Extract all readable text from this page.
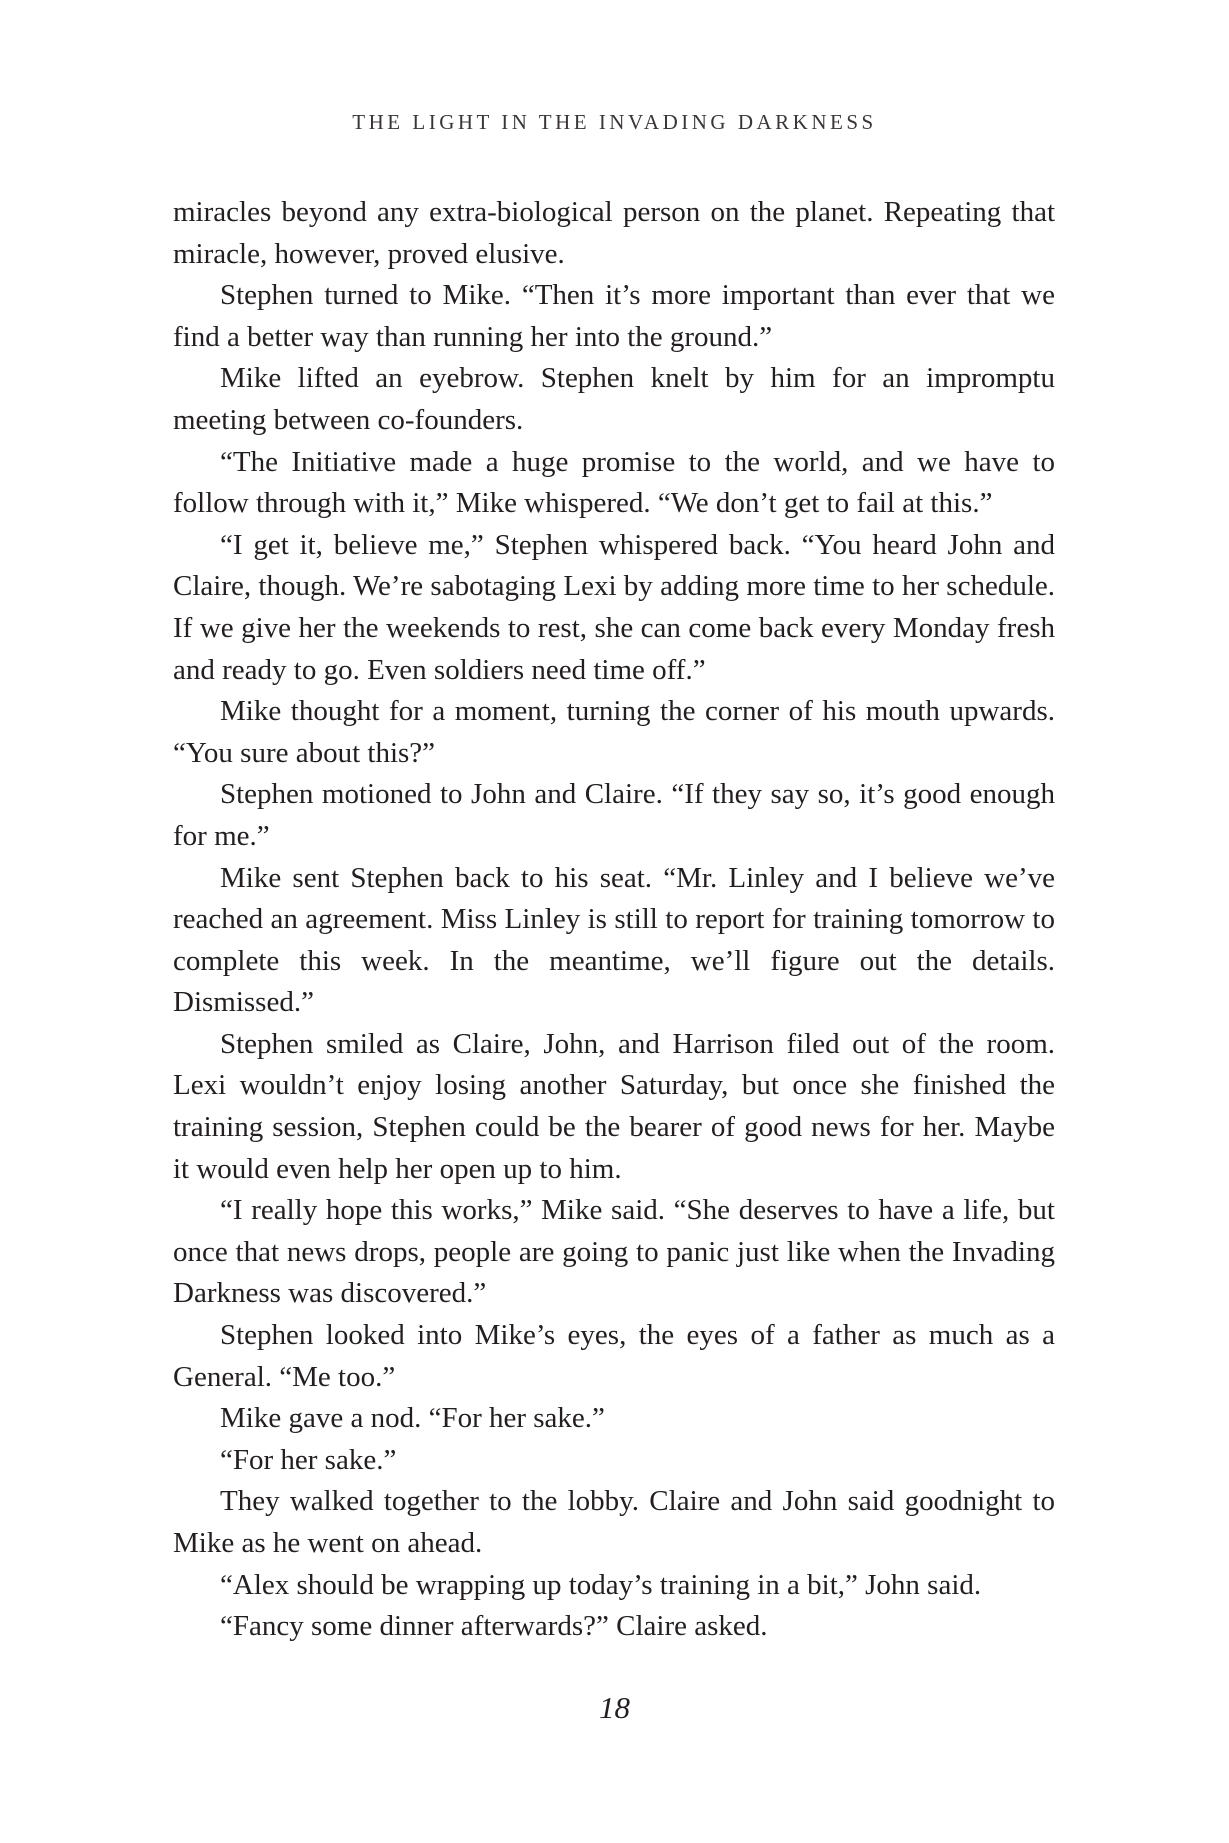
THE LIGHT IN THE INVADING DARKNESS

miracles beyond any extra-biological person on the planet. Repeating that miracle, however, proved elusive.

Stephen turned to Mike. “Then it’s more important than ever that we find a better way than running her into the ground.”

Mike lifted an eyebrow. Stephen knelt by him for an impromptu meeting between co-founders.

“The Initiative made a huge promise to the world, and we have to follow through with it,” Mike whispered. “We don’t get to fail at this.”

“I get it, believe me,” Stephen whispered back. “You heard John and Claire, though. We’re sabotaging Lexi by adding more time to her schedule. If we give her the weekends to rest, she can come back every Monday fresh and ready to go. Even soldiers need time off.”

Mike thought for a moment, turning the corner of his mouth upwards. “You sure about this?”

Stephen motioned to John and Claire. “If they say so, it’s good enough for me.”

Mike sent Stephen back to his seat. “Mr. Linley and I believe we’ve reached an agreement. Miss Linley is still to report for training tomorrow to complete this week. In the meantime, we’ll figure out the details. Dismissed.”

Stephen smiled as Claire, John, and Harrison filed out of the room. Lexi wouldn’t enjoy losing another Saturday, but once she finished the training session, Stephen could be the bearer of good news for her. Maybe it would even help her open up to him.

“I really hope this works,” Mike said. “She deserves to have a life, but once that news drops, people are going to panic just like when the Invading Darkness was discovered.”

Stephen looked into Mike’s eyes, the eyes of a father as much as a General. “Me too.”

Mike gave a nod. “For her sake.”

“For her sake.”

They walked together to the lobby. Claire and John said goodnight to Mike as he went on ahead.

“Alex should be wrapping up today’s training in a bit,” John said.

“Fancy some dinner afterwards?” Claire asked.

18
